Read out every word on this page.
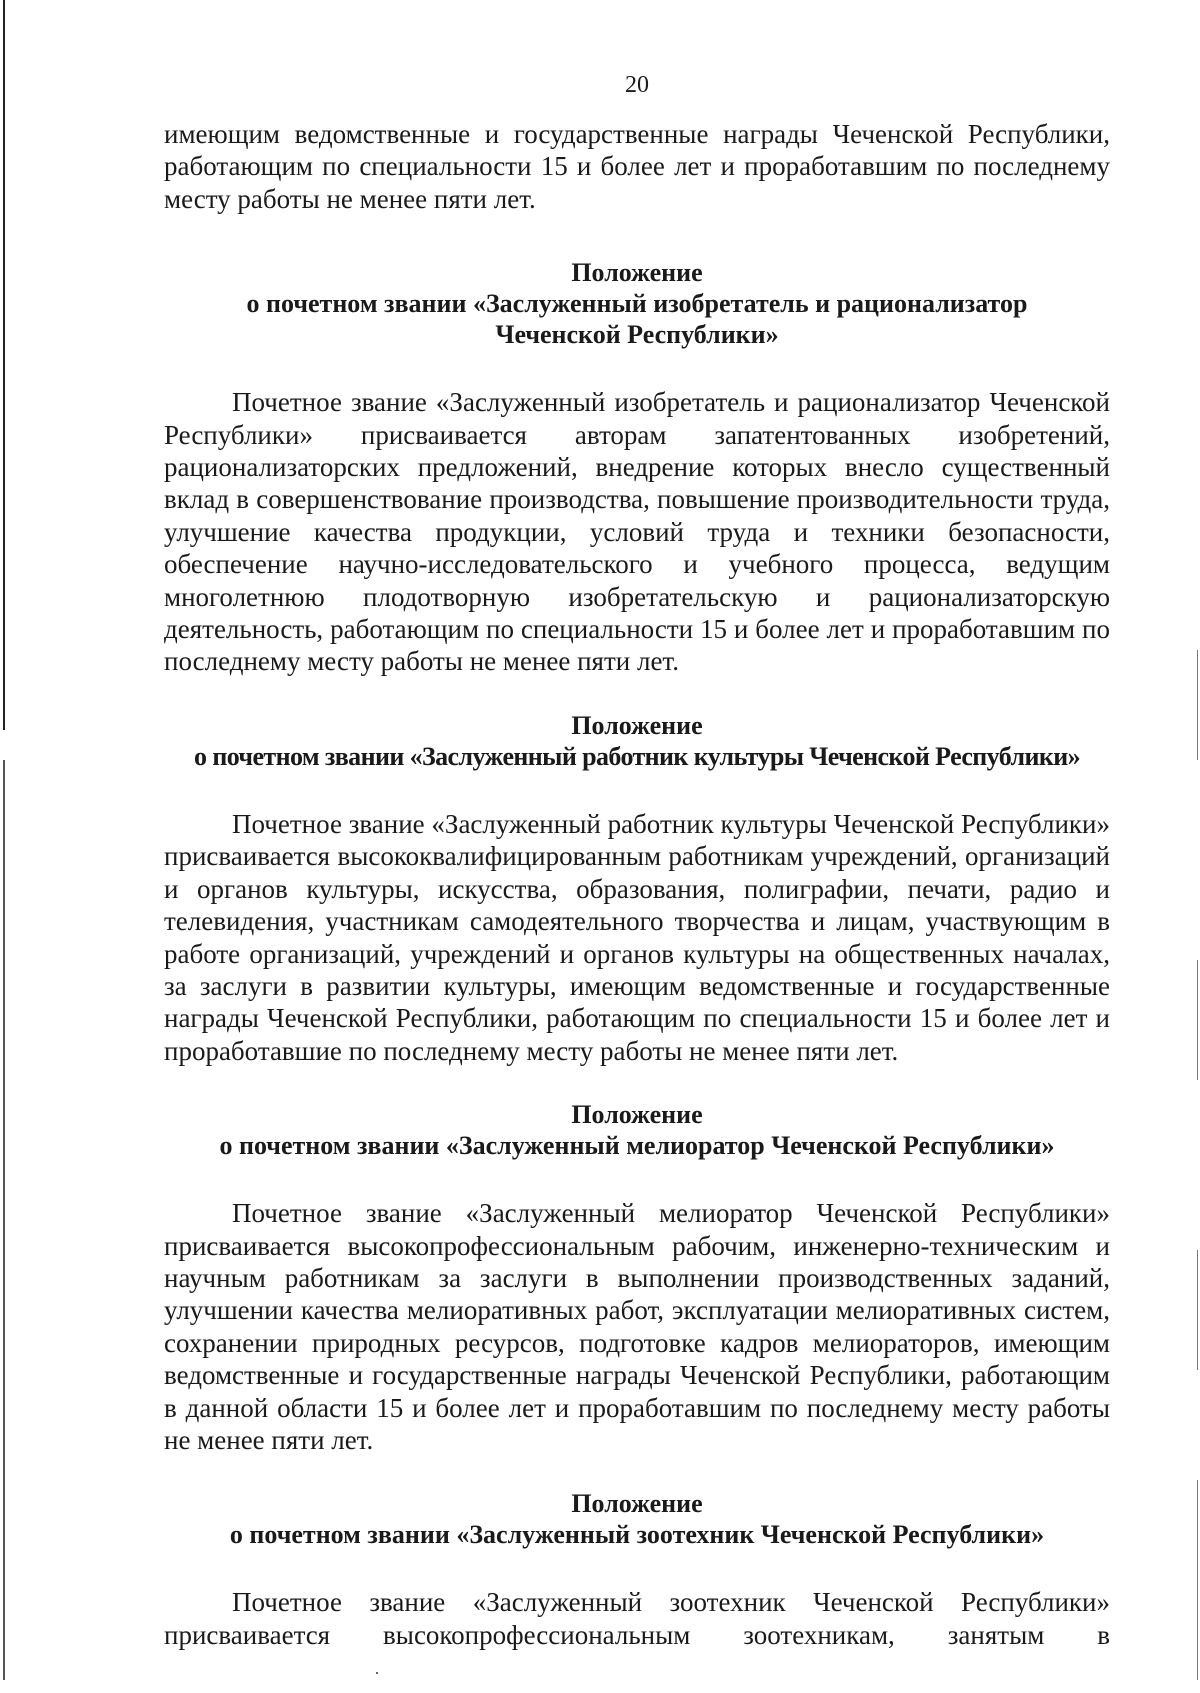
20

имеющим ведомственные и государственные награды Чеченской Республики, работающим по специальности 15 и более лет и проработавшим по последнему месту работы не менее пяти лет.

Положение
о почетном звании «Заслуженный изобретатель и рационализатор
Чеченской Республики»

Почетное звание «Заслуженный изобретатель и рационализатор Чеченской Республики» присваивается авторам запатентованных изобретений, рационализаторских предложений, внедрение которых внесло существенный вклад в совершенствование производства, повышение производительности труда, улучшение качества продукции, условий труда и техники безопасности, обеспечение научно-исследовательского и учебного процесса, ведущим многолетнюю плодотворную изобретательскую и рационализаторскую деятельность, работающим по специальности 15 и более лет и проработавшим по последнему месту работы не менее пяти лет.

Положение
о почетном звании «Заслуженный работник культуры Чеченской Республики»

Почетное звание «Заслуженный работник культуры Чеченской Республики» присваивается высококвалифицированным работникам учреждений, организаций и органов культуры, искусства, образования, полиграфии, печати, радио и телевидения, участникам самодеятельного творчества и лицам, участвующим в работе организаций, учреждений и органов культуры на общественных началах, за заслуги в развитии культуры, имеющим ведомственные и государственные награды Чеченской Республики, работающим по специальности 15 и более лет и проработавшие по последнему месту работы не менее пяти лет.

Положение
о почетном звании «Заслуженный мелиоратор Чеченской Республики»

Почетное звание «Заслуженный мелиоратор Чеченской Республики» присваивается высокопрофессиональным рабочим, инженерно-техническим и научным работникам за заслуги в выполнении производственных заданий, улучшении качества мелиоративных работ, эксплуатации мелиоративных систем, сохранении природных ресурсов, подготовке кадров мелиораторов, имеющим ведомственные и государственные награды Чеченской Республики, работающим в данной области 15 и более лет и проработавшим по последнему месту работы не менее пяти лет.

Положение
о почетном звании «Заслуженный зоотехник Чеченской Республики»

Почетное звание «Заслуженный зоотехник Чеченской Республики» присваивается высокопрофессиональным зоотехникам, занятым в
